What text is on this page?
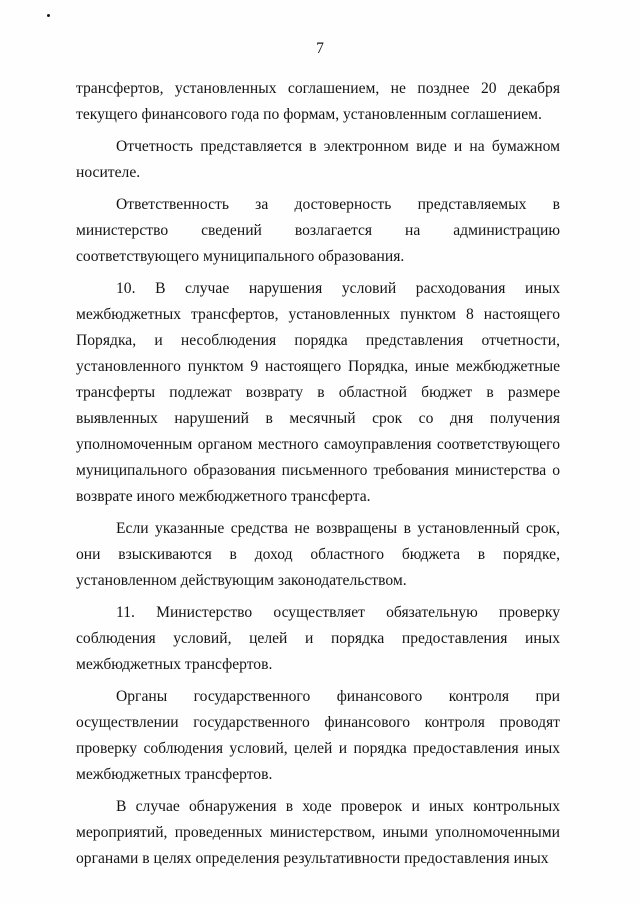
7

трансфертов, установленных соглашением, не позднее 20 декабря текущего финансового года по формам, установленным соглашением.

Отчетность представляется в электронном виде и на бумажном носителе.

Ответственность за достоверность представляемых в министерство сведений возлагается на администрацию соответствующего муниципального образования.

10. В случае нарушения условий расходования иных межбюджетных трансфертов, установленных пунктом 8 настоящего Порядка, и несоблюдения порядка представления отчетности, установленного пунктом 9 настоящего Порядка, иные межбюджетные трансферты подлежат возврату в областной бюджет в размере выявленных нарушений в месячный срок со дня получения уполномоченным органом местного самоуправления соответствующего муниципального образования письменного требования министерства о возврате иного межбюджетного трансферта.

Если указанные средства не возвращены в установленный срок, они взыскиваются в доход областного бюджета в порядке, установленном действующим законодательством.

11. Министерство осуществляет обязательную проверку соблюдения условий, целей и порядка предоставления иных межбюджетных трансфертов.

Органы государственного финансового контроля при осуществлении государственного финансового контроля проводят проверку соблюдения условий, целей и порядка предоставления иных межбюджетных трансфертов.

В случае обнаружения в ходе проверок и иных контрольных мероприятий, проведенных министерством, иными уполномоченными органами в целях определения результативности предоставления иных
